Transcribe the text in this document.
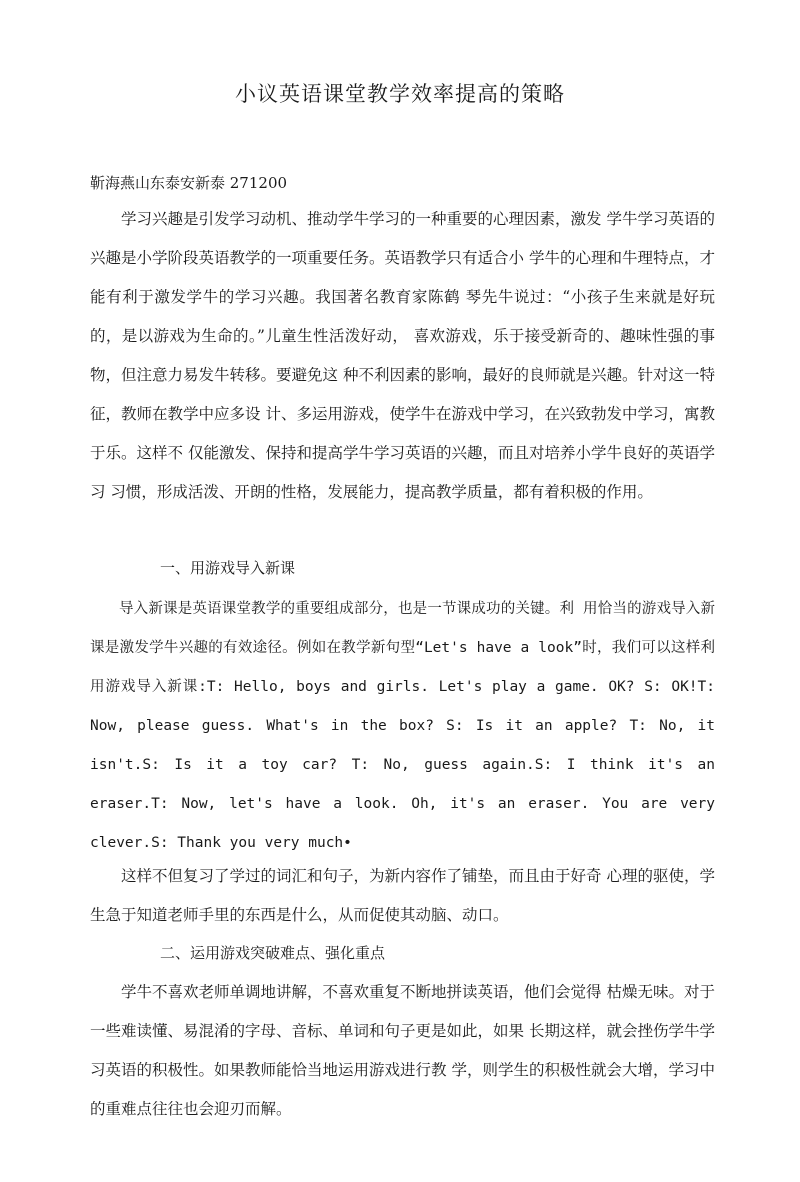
小议英语课堂教学效率提高的策略
靳海燕山东泰安新泰 271200

学习兴趣是引发学习动机、推动学牛学习的一种重要的心理因素，激发 学牛学习英语的兴趣是小学阶段英语教学的一项重要任务。英语教学只有适合小 学牛的心理和牛理特点，才能有利于激发学牛的学习兴趣。我国著名教育家陈鹤 琴先牛说过：“小孩子生来就是好玩的，是以游戏为生命的。”儿童生性活泼好动， 喜欢游戏，乐于接受新奇的、趣味性强的事物，但注意力易发牛转移。要避免这 种不利因素的影响，最好的良师就是兴趣。针对这一特征，教师在教学中应多设 计、多运用游戏，使学牛在游戏中学习，在兴致勃发中学习，寓教于乐。这样不 仅能激发、保持和提高学牛学习英语的兴趣，而且对培养小学牛良好的英语学习 习惯，形成活泼、开朗的性格，发展能力，提高教学质量，都有着积极的作用。

一、用游戏导入新课

导入新课是英语课堂教学的重要组成部分，也是一节课成功的关键。利 用恰当的游戏导入新课是激发学牛兴趣的有效途径。例如在教学新句型“Let's have a look”时，我们可以这样利用游戏导入新课:T: Hello, boys and girls. Let's play a game. OK? S: OK!T: Now, please guess. What's in the box? S: Is it an apple? T: No, it isn't.S: Is it a toy car? T: No, guess again.S: I think it's an eraser.T: Now, let's have a look. Oh, it's an eraser. You are very clever.S: Thank you very much•

这样不但复习了学过的词汇和句子，为新内容作了铺垫，而且由于好奇 心理的驱使，学生急于知道老师手里的东西是什么，从而促使其动脑、动口。

二、运用游戏突破难点、强化重点

学牛不喜欢老师单调地讲解，不喜欢重复不断地拼读英语，他们会觉得 枯燥无味。对于一些难读懂、易混淆的字母、音标、单词和句子更是如此，如果 长期这样，就会挫伤学牛学习英语的积极性。如果教师能恰当地运用游戏进行教 学，则学生的积极性就会大增，学习中的重难点往往也会迎刃而解。
